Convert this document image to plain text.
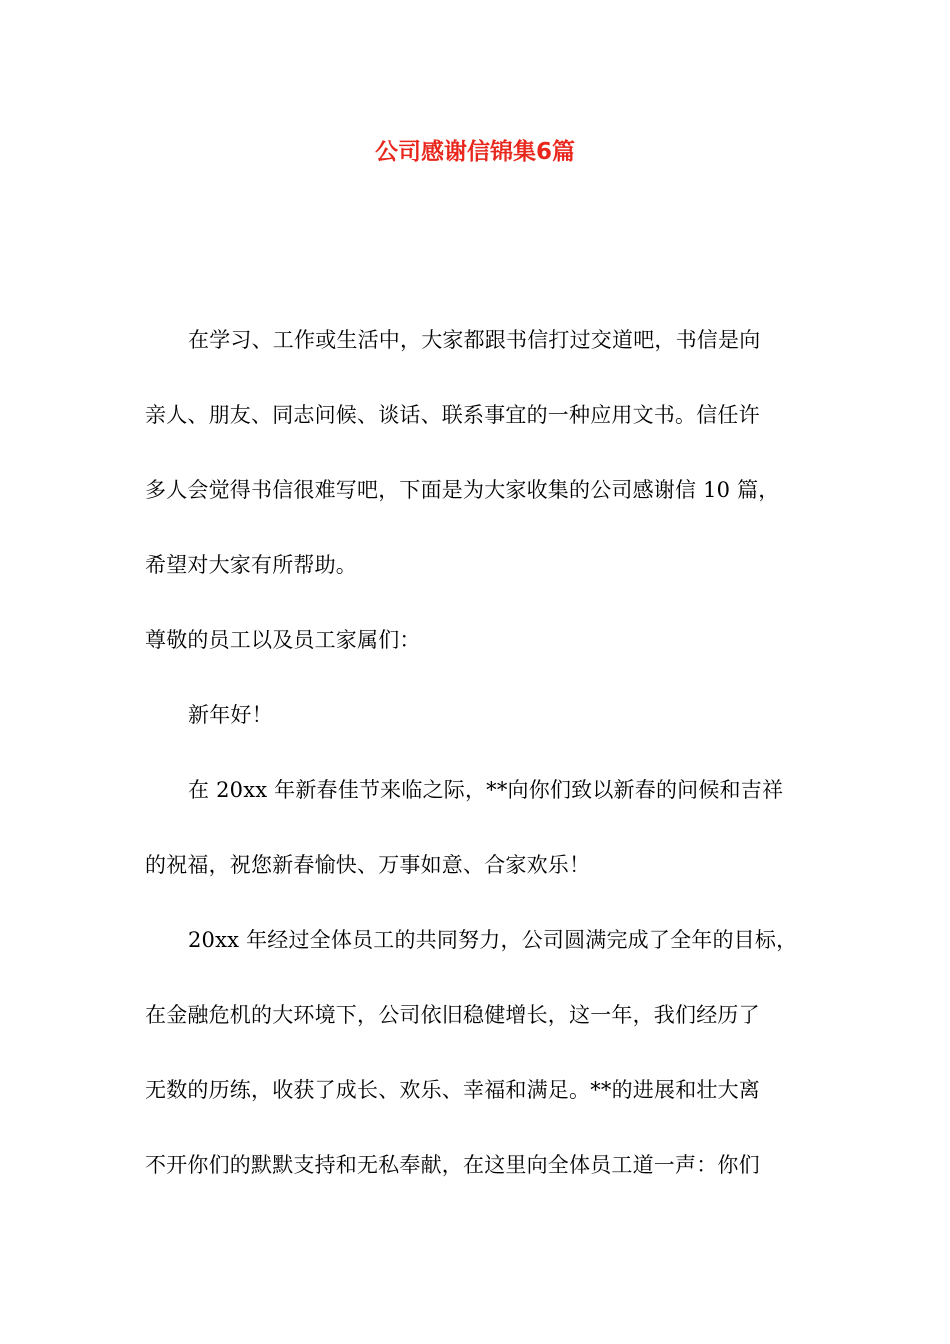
公司感谢信锦集6篇
在学习、工作或生活中，大家都跟书信打过交道吧，书信是向
亲人、朋友、同志问候、谈话、联系事宜的一种应用文书。信任许
多人会觉得书信很难写吧，下面是为大家收集的公司感谢信 10 篇，
希望对大家有所帮助。
尊敬的员工以及员工家属们：
新年好！
在 20xx 年新春佳节来临之际，**向你们致以新春的问候和吉祥
的祝福，祝您新春愉快、万事如意、合家欢乐！
20xx 年经过全体员工的共同努力，公司圆满完成了全年的目标，
在金融危机的大环境下，公司依旧稳健增长，这一年，我们经历了
无数的历练，收获了成长、欢乐、幸福和满足。**的进展和壮大离
不开你们的默默支持和无私奉献，在这里向全体员工道一声：你们
